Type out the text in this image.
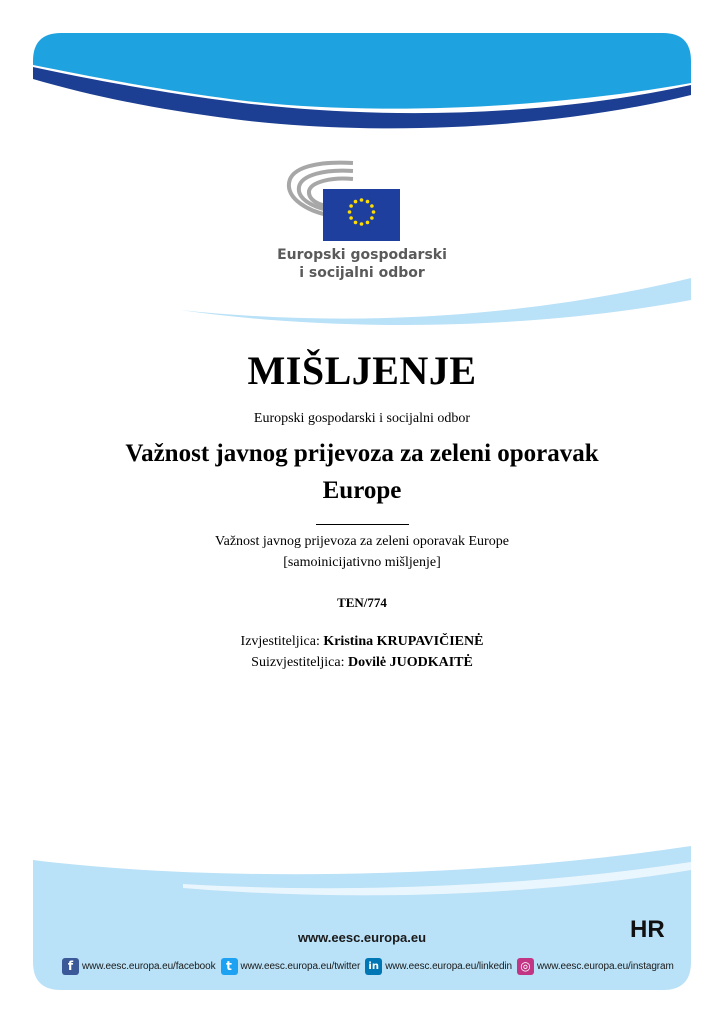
Europski gospodarski
i socijalni odbor
MIŠLJENJE
Europski gospodarski i socijalni odbor
Važnost javnog prijevoza za zeleni oporavak
Europe
Važnost javnog prijevoza za zeleni oporavak Europe
[samoinicijativno mišljenje]
TEN/774
Izvjestiteljica: Kristina KRUPAVIČIENĖ
Suizvjestiteljica: Dovilė JUODKAITĖ
www.eesc.europa.eu	HR
f www.eesc.europa.eu/facebook t www.eesc.europa.eu/twitter in www.eesc.europa.eu/linkedin ◎ www.eesc.europa.eu/instagram
